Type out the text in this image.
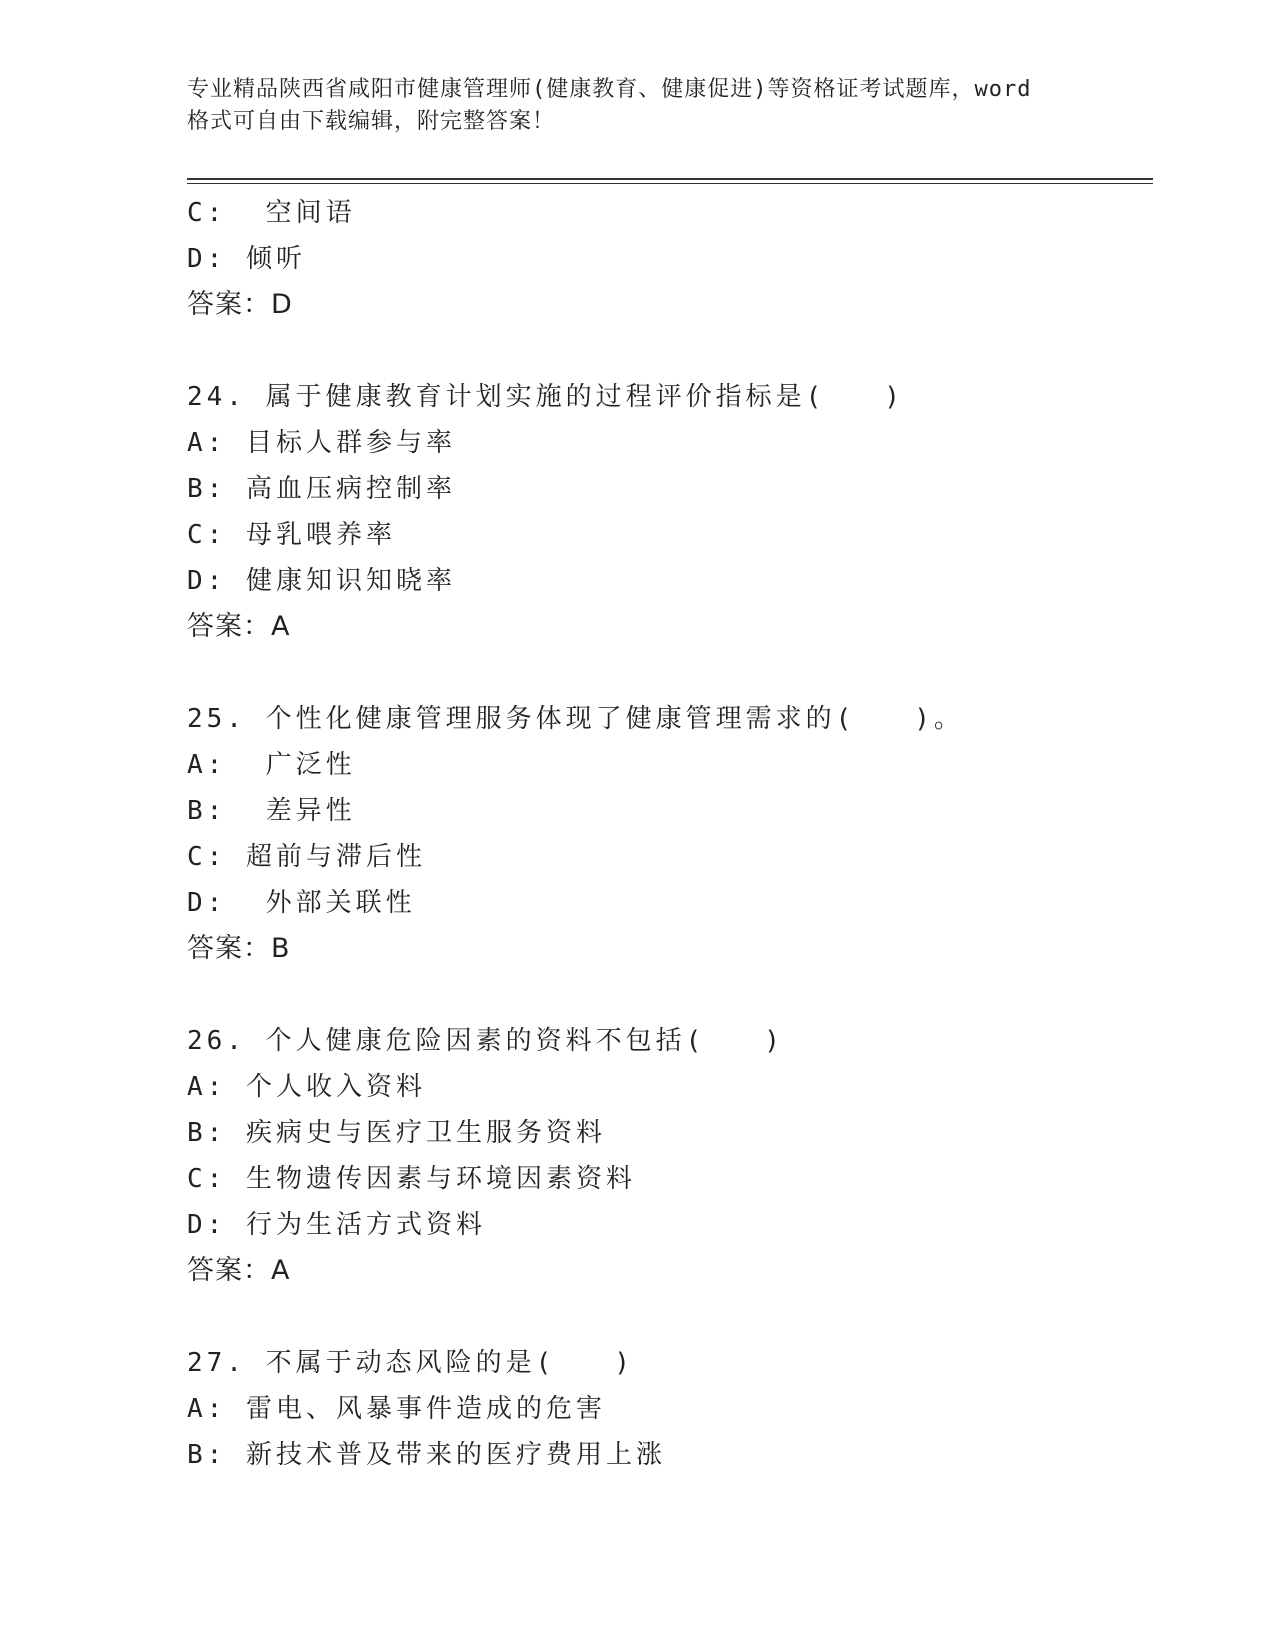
专业精品陕西省咸阳市健康管理师(健康教育、健康促进)等资格证考试题库，word
格式可自由下载编辑，附完整答案！
C:  空间语
D: 倾听
答案：D
24. 属于健康教育计划实施的过程评价指标是(   )
A: 目标人群参与率
B: 高血压病控制率
C: 母乳喂养率
D: 健康知识知晓率
答案：A
25. 个性化健康管理服务体现了健康管理需求的(   )。
A:  广泛性
B:  差异性
C: 超前与滞后性
D:  外部关联性
答案：B
26. 个人健康危险因素的资料不包括(   )
A: 个人收入资料
B: 疾病史与医疗卫生服务资料
C: 生物遗传因素与环境因素资料
D: 行为生活方式资料
答案：A
27. 不属于动态风险的是(   )
A: 雷电、风暴事件造成的危害
B: 新技术普及带来的医疗费用上涨
